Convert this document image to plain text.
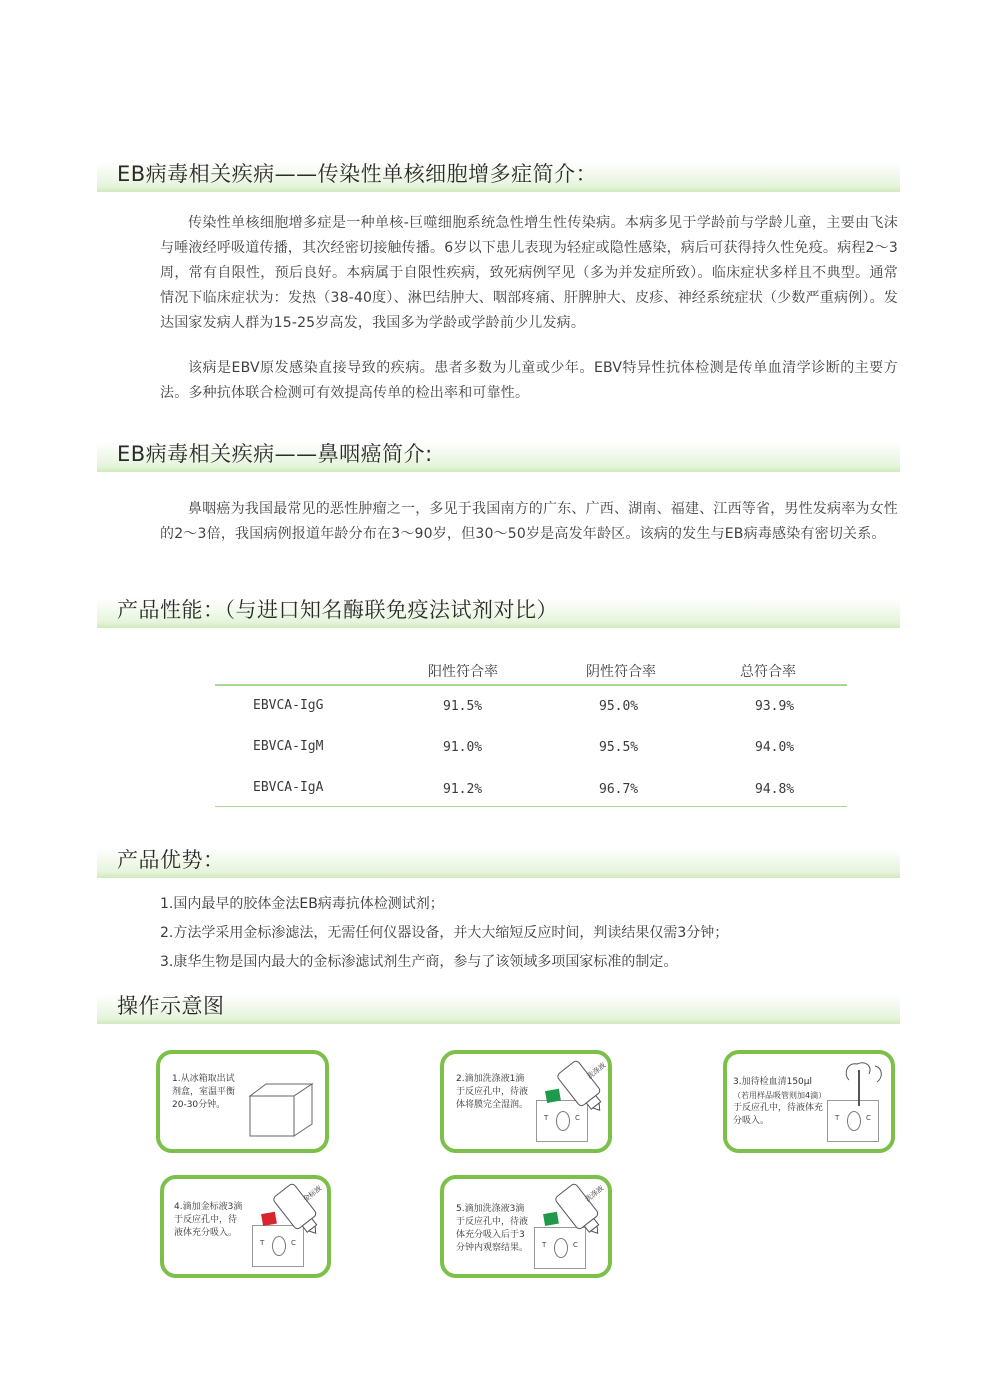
EB病毒相关疾病——传染性单核细胞增多症简介：
传染性单核细胞增多症是一种单核-巨噬细胞系统急性增生性传染病。本病多见于学龄前与学龄儿童，主要由飞沫与唾液经呼吸道传播，其次经密切接触传播。6岁以下患儿表现为轻症或隐性感染，病后可获得持久性免疫。病程2～3周，常有自限性，预后良好。本病属于自限性疾病，致死病例罕见（多为并发症所致）。临床症状多样且不典型。通常情况下临床症状为：发热（38-40度）、淋巴结肿大、咽部疼痛、肝脾肿大、皮疹、神经系统症状（少数严重病例）。发达国家发病人群为15-25岁高发，我国多为学龄或学龄前少儿发病。
该病是EBV原发感染直接导致的疾病。患者多数为儿童或少年。EBV特异性抗体检测是传单血清学诊断的主要方法。多种抗体联合检测可有效提高传单的检出率和可靠性。
EB病毒相关疾病——鼻咽癌简介:
鼻咽癌为我国最常见的恶性肿瘤之一，多见于我国南方的广东、广西、湖南、福建、江西等省，男性发病率为女性的2～3倍，我国病例报道年龄分布在3～90岁，但30～50岁是高发年龄区。该病的发生与EB病毒感染有密切关系。
产品性能：（与进口知名酶联免疫法试剂对比）
阳性符合率	阴性符合率	总符合率
EBVCA-IgG	91.5%	95.0%	93.9%
EBVCA-IgM	91.0%	95.5%	94.0%
EBVCA-IgA	91.2%	96.7%	94.8%
产品优势：
1.国内最早的胶体金法EB病毒抗体检测试剂；
2.方法学采用金标渗滤法，无需任何仪器设备，并大大缩短反应时间，判读结果仅需3分钟；
3.康华生物是国内最大的金标渗滤试剂生产商，参与了该领域多项国家标准的制定。
操作示意图
1.从冰箱取出试
剂盒，室温平衡
20-30分钟。
2.滴加洗涤液1滴
于反应孔中，待液
体将膜完全湿润。
T	C
洗涤液
3.加待检血清150μl
（若用样品吸管则加4滴）
于反应孔中，待液体充
分吸入。	T	C
4.滴加金标液3滴
于反应孔中，待
液体充分吸入。
T	C
金标液
5.滴加洗涤液3滴
于反应孔中，待液
体充分吸入后于3
分钟内观察结果。 T	C
洗涤液
